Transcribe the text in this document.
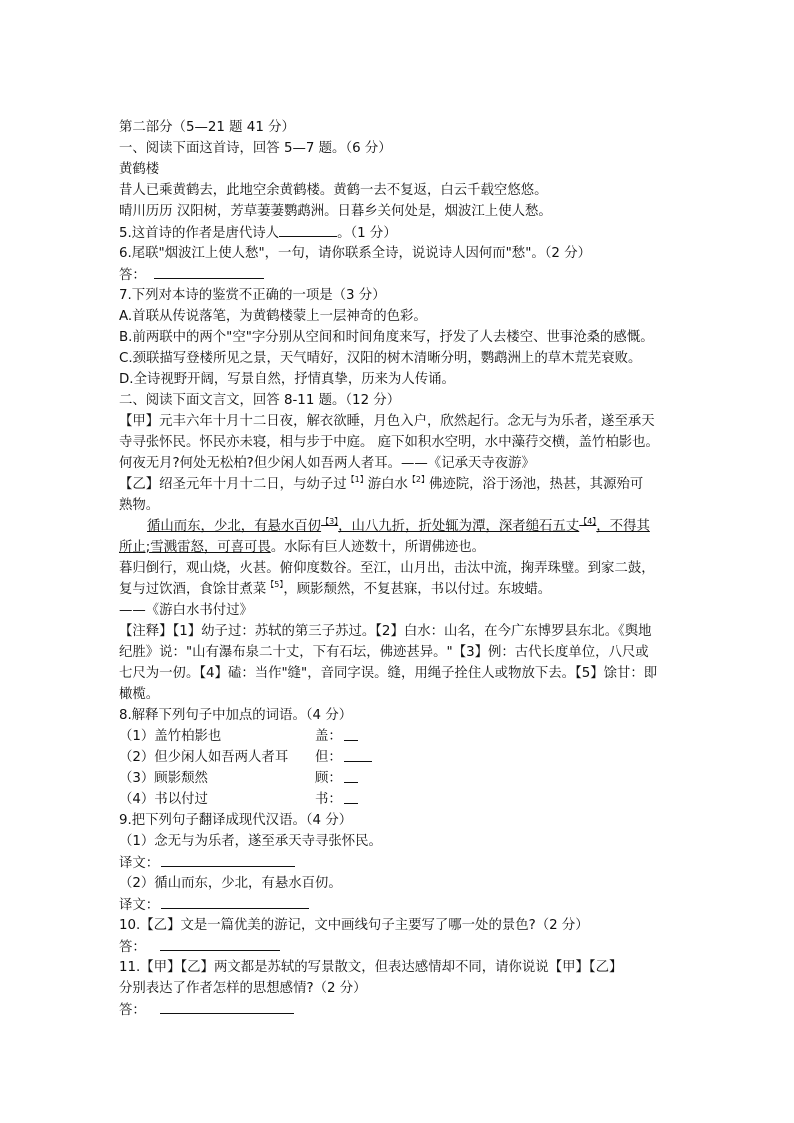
第二部分（5—21 题 41 分）
一、阅读下面这首诗，回答 5—7 题。（6 分）
黄鹤楼
昔人已乘黄鹤去，此地空余黄鹤楼。黄鹤一去不复返，白云千载空悠悠。
晴川历历 汉阳树，芳草萋萋鹦鹉洲。日暮乡关何处是，烟波江上使人愁。
5.这首诗的作者是唐代诗人	。（1 分）
6.尾联"烟波江上使人愁"，一句，请你联系全诗，说说诗人因何而"愁"。（2 分）
答：
7.下列对本诗的鉴赏不正确的一项是（3 分）
A.首联从传说落笔，为黄鹤楼蒙上一层神奇的色彩。
B.前两联中的两个"空"字分别从空间和时间角度来写，抒发了人去楼空、世事沧桑的感慨。
C.颈联描写登楼所见之景，天气晴好，汉阳的树木清晰分明，鹦鹉洲上的草木荒芜衰败。
D.全诗视野开阔，写景自然，抒情真挚，历来为人传诵。
二、阅读下面文言文，回答 8-11 题。（12 分）
【甲】元丰六年十月十二日夜，解衣欲睡，月色入户，欣然起行。念无与为乐者，遂至承天
寺寻张怀民。怀民亦未寝，相与步于中庭。 庭下如积水空明，水中藻荇交横，盖竹柏影也。
何夜无月?何处无松柏?但少闲人如吾两人者耳。——《记承天寺夜游》
【乙】绍圣元年十月十二日，与幼子过$^{【1】}$游白水$^{【2】}$佛迹院，浴于汤池，热甚，其源殆可
熟物。
循山而东，少北，有悬水百仞$^{【3】}$，山八九折，折处辄为潭，深者缒石五丈$^{【4】}$，不得其
所止;雪溅雷怒，可喜可畏。水际有巨人迹数十，所谓佛迹也。
暮归倒行，观山烧，火甚。俯仰度数谷。至江，山月出，击汰中流，掬弄珠璧。到家二鼓，
复与过饮酒，食馀甘煮菜$^{【5】}$，顾影颓然，不复甚寐，书以付过。东坡蜡。
——《游白水书付过》
【注释】【1】幼子过：苏轼的第三子苏过。【2】白水：山名，在今广东博罗县东北。《舆地
纪胜》说："山有瀑布泉二十丈，下有石坛，佛迹甚异。"【3】例：古代长度单位，八尺或
七尺为一仞。【4】磕：当作"缝"，音同字误。缝，用绳子拴住人或物放下去。【5】馀甘：即
橄榄。
8.解释下列句子中加点的词语。（4 分）
（1）盖竹柏影也	盖：
（2）但少闲人如吾两人者耳	但：
（3）顾影颓然	顾：
（4）书以付过	书：
9.把下列句子翻译成现代汉语。（4 分）
（1）念无与为乐者，遂至承天寺寻张怀民。
译文：
（2）循山而东，少北，有悬水百仞。
译文：
10.【乙】文是一篇优美的游记，文中画线句子主要写了哪一处的景色?（2 分）
答：
11.【甲】【乙】两文都是苏轼的写景散文，但表达感情却不同，请你说说【甲】【乙】
分别表达了作者怎样的思想感情?（2 分）
答：
